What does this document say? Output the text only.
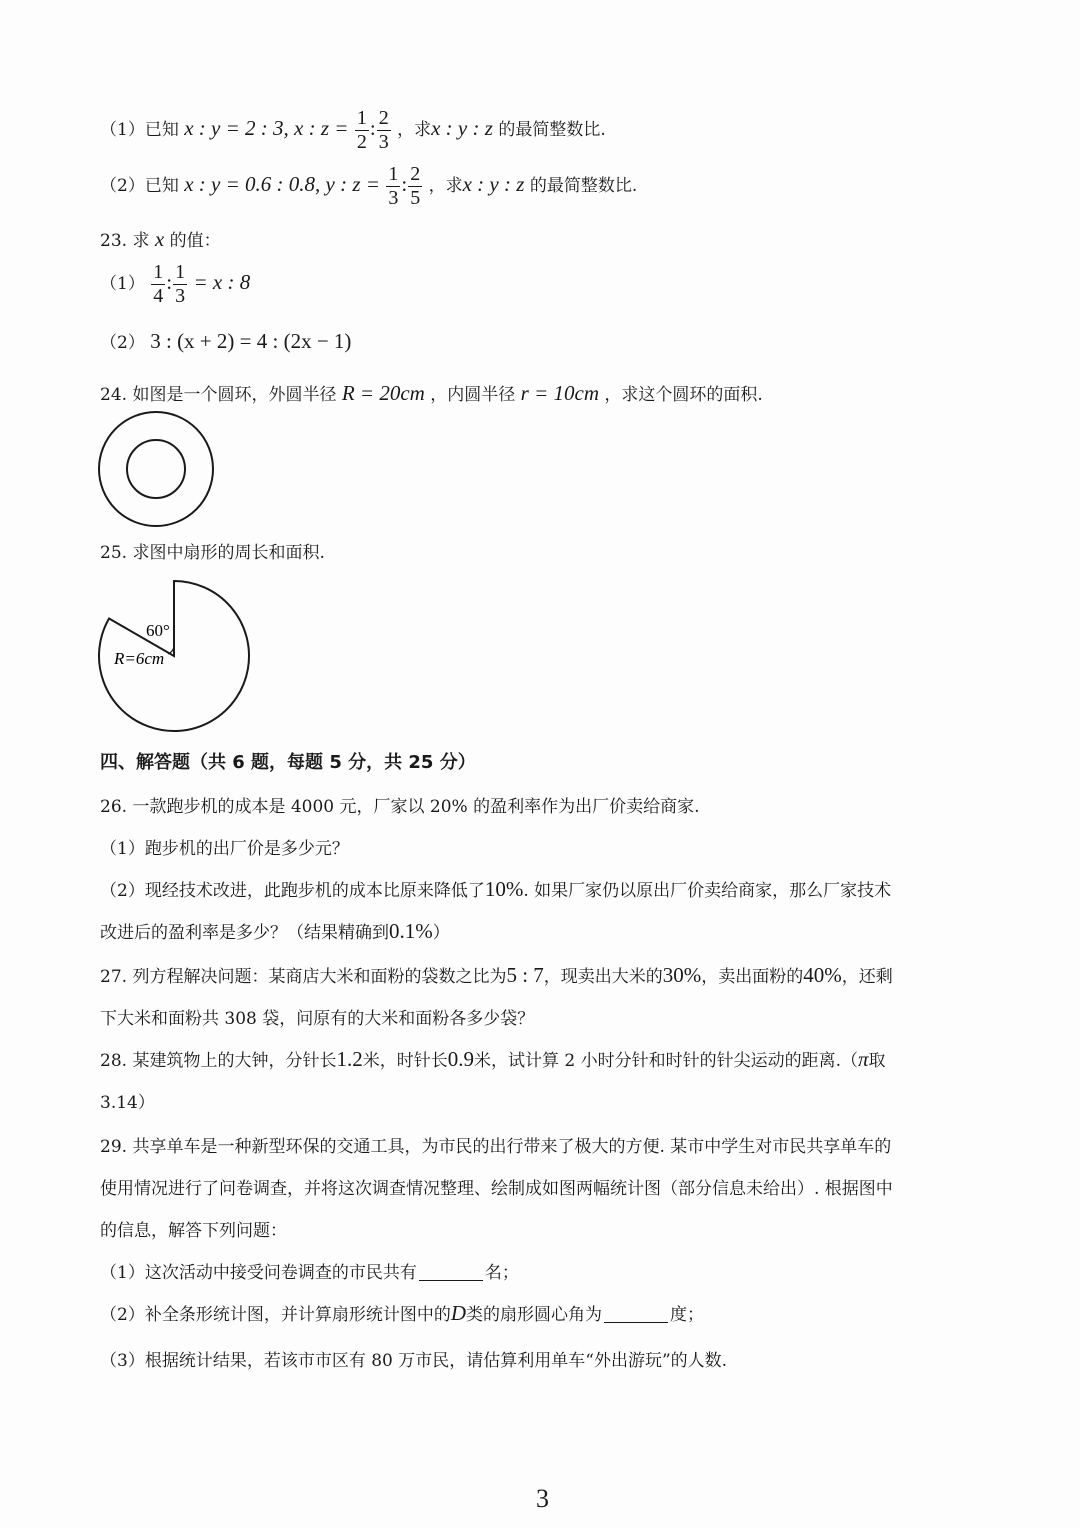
（1）已知 x : y = 2 : 3, x : $z = \frac{1}{2}$ : $\frac{2}{3}$ ，求x : y : z 的最简整数比.
（2）已知 x : y = 0.6 : 0.8, y : $z = \frac{1}{3}$ : $\frac{2}{5}$ ，求x : y : z 的最简整数比.
23. 求 x 的值：
$(1) \frac{1}{4}$ : $\frac{1}{3} = x$ : 8
（2） 3 : (x + 2) = 4 : (2x − 1)
24. 如图是一个圆环，外圆半径 R = 20cm ，内圆半径 r = 10cm ，求这个圆环的面积.
25. 求图中扇形的周长和面积.
60°
R=6cm
四、解答题（共 6 题，每题 5 分，共 25 分）
26. 一款跑步机的成本是 4000 元，厂家以 20% 的盈利率作为出厂价卖给商家.
（1）跑步机的出厂价是多少元？
（2）现经技术改进，此跑步机的成本比原来降低了10%. 如果厂家仍以原出厂价卖给商家，那么厂家技术
改进后的盈利率是多少？（结果精确到0.1%）
27. 列方程解决问题：某商店大米和面粉的袋数之比为5 : 7，现卖出大米的30%，卖出面粉的40%，还剩
下大米和面粉共 308 袋，问原有的大米和面粉各多少袋？
28. 某建筑物上的大钟，分针长1.2米，时针长0.9米，试计算 2 小时分针和时针的针尖运动的距离.（π取
3.14）
29. 共享单车是一种新型环保的交通工具，为市民的出行带来了极大的方便. 某市中学生对市民共享单车的
使用情况进行了问卷调查，并将这次调查情况整理、绘制成如图两幅统计图（部分信息未给出）. 根据图中
的信息，解答下列问题：
（1）这次活动中接受问卷调查的市民共有	名；
（2）补全条形统计图，并计算扇形统计图中的D类的扇形圆心角为	度；
（3）根据统计结果，若该市市区有 80 万市民，请估算利用单车“外出游玩”的人数.
3
